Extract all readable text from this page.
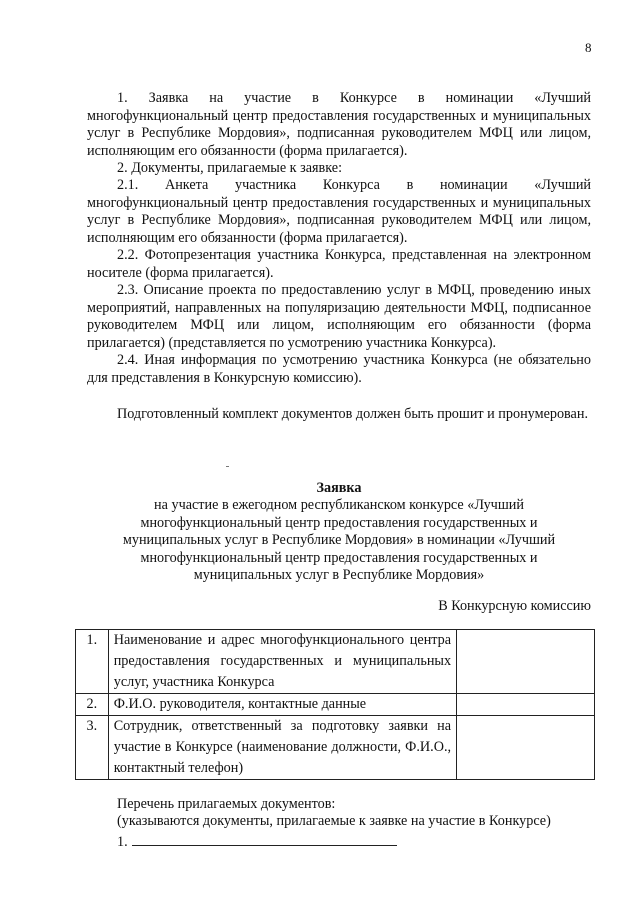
8
1. Заявка на участие в Конкурсе в номинации «Лучший многофункциональный центр предоставления государственных и муниципальных услуг в Республике Мордовия», подписанная руководителем МФЦ или лицом, исполняющим его обязанности (форма прилагается).
2. Документы, прилагаемые к заявке:
2.1. Анкета участника Конкурса в номинации «Лучший многофункциональный центр предоставления государственных и муниципальных услуг в Республике Мордовия», подписанная руководителем МФЦ или лицом, исполняющим его обязанности (форма прилагается).
2.2. Фотопрезентация участника Конкурса, представленная на электронном носителе (форма прилагается).
2.3. Описание проекта по предоставлению услуг в МФЦ, проведению иных мероприятий, направленных на популяризацию деятельности МФЦ, подписанное руководителем МФЦ или лицом, исполняющим его обязанности (форма прилагается) (представляется по усмотрению участника Конкурса).
2.4. Иная информация по усмотрению участника Конкурса (не обязательно для представления в Конкурсную комиссию).
Подготовленный комплект документов должен быть прошит и пронумерован.
Заявка
на участие в ежегодном республиканском конкурсе «Лучший многофункциональный центр предоставления государственных и муниципальных услуг в Республике Мордовия» в номинации «Лучший многофункциональный центр предоставления государственных и муниципальных услуг в Республике Мордовия»
В Конкурсную комиссию
1.	Наименование и адрес многофункционального центра предоставления государственных и муниципальных услуг, участника Конкурса	
2.	Ф.И.О. руководителя, контактные данные	
3.	Сотрудник, ответственный за подготовку заявки на участие в Конкурсе (наименование должности, Ф.И.О., контактный телефон)	
Перечень прилагаемых документов:
(указываются документы, прилагаемые к заявке на участие в Конкурсе)
1.
